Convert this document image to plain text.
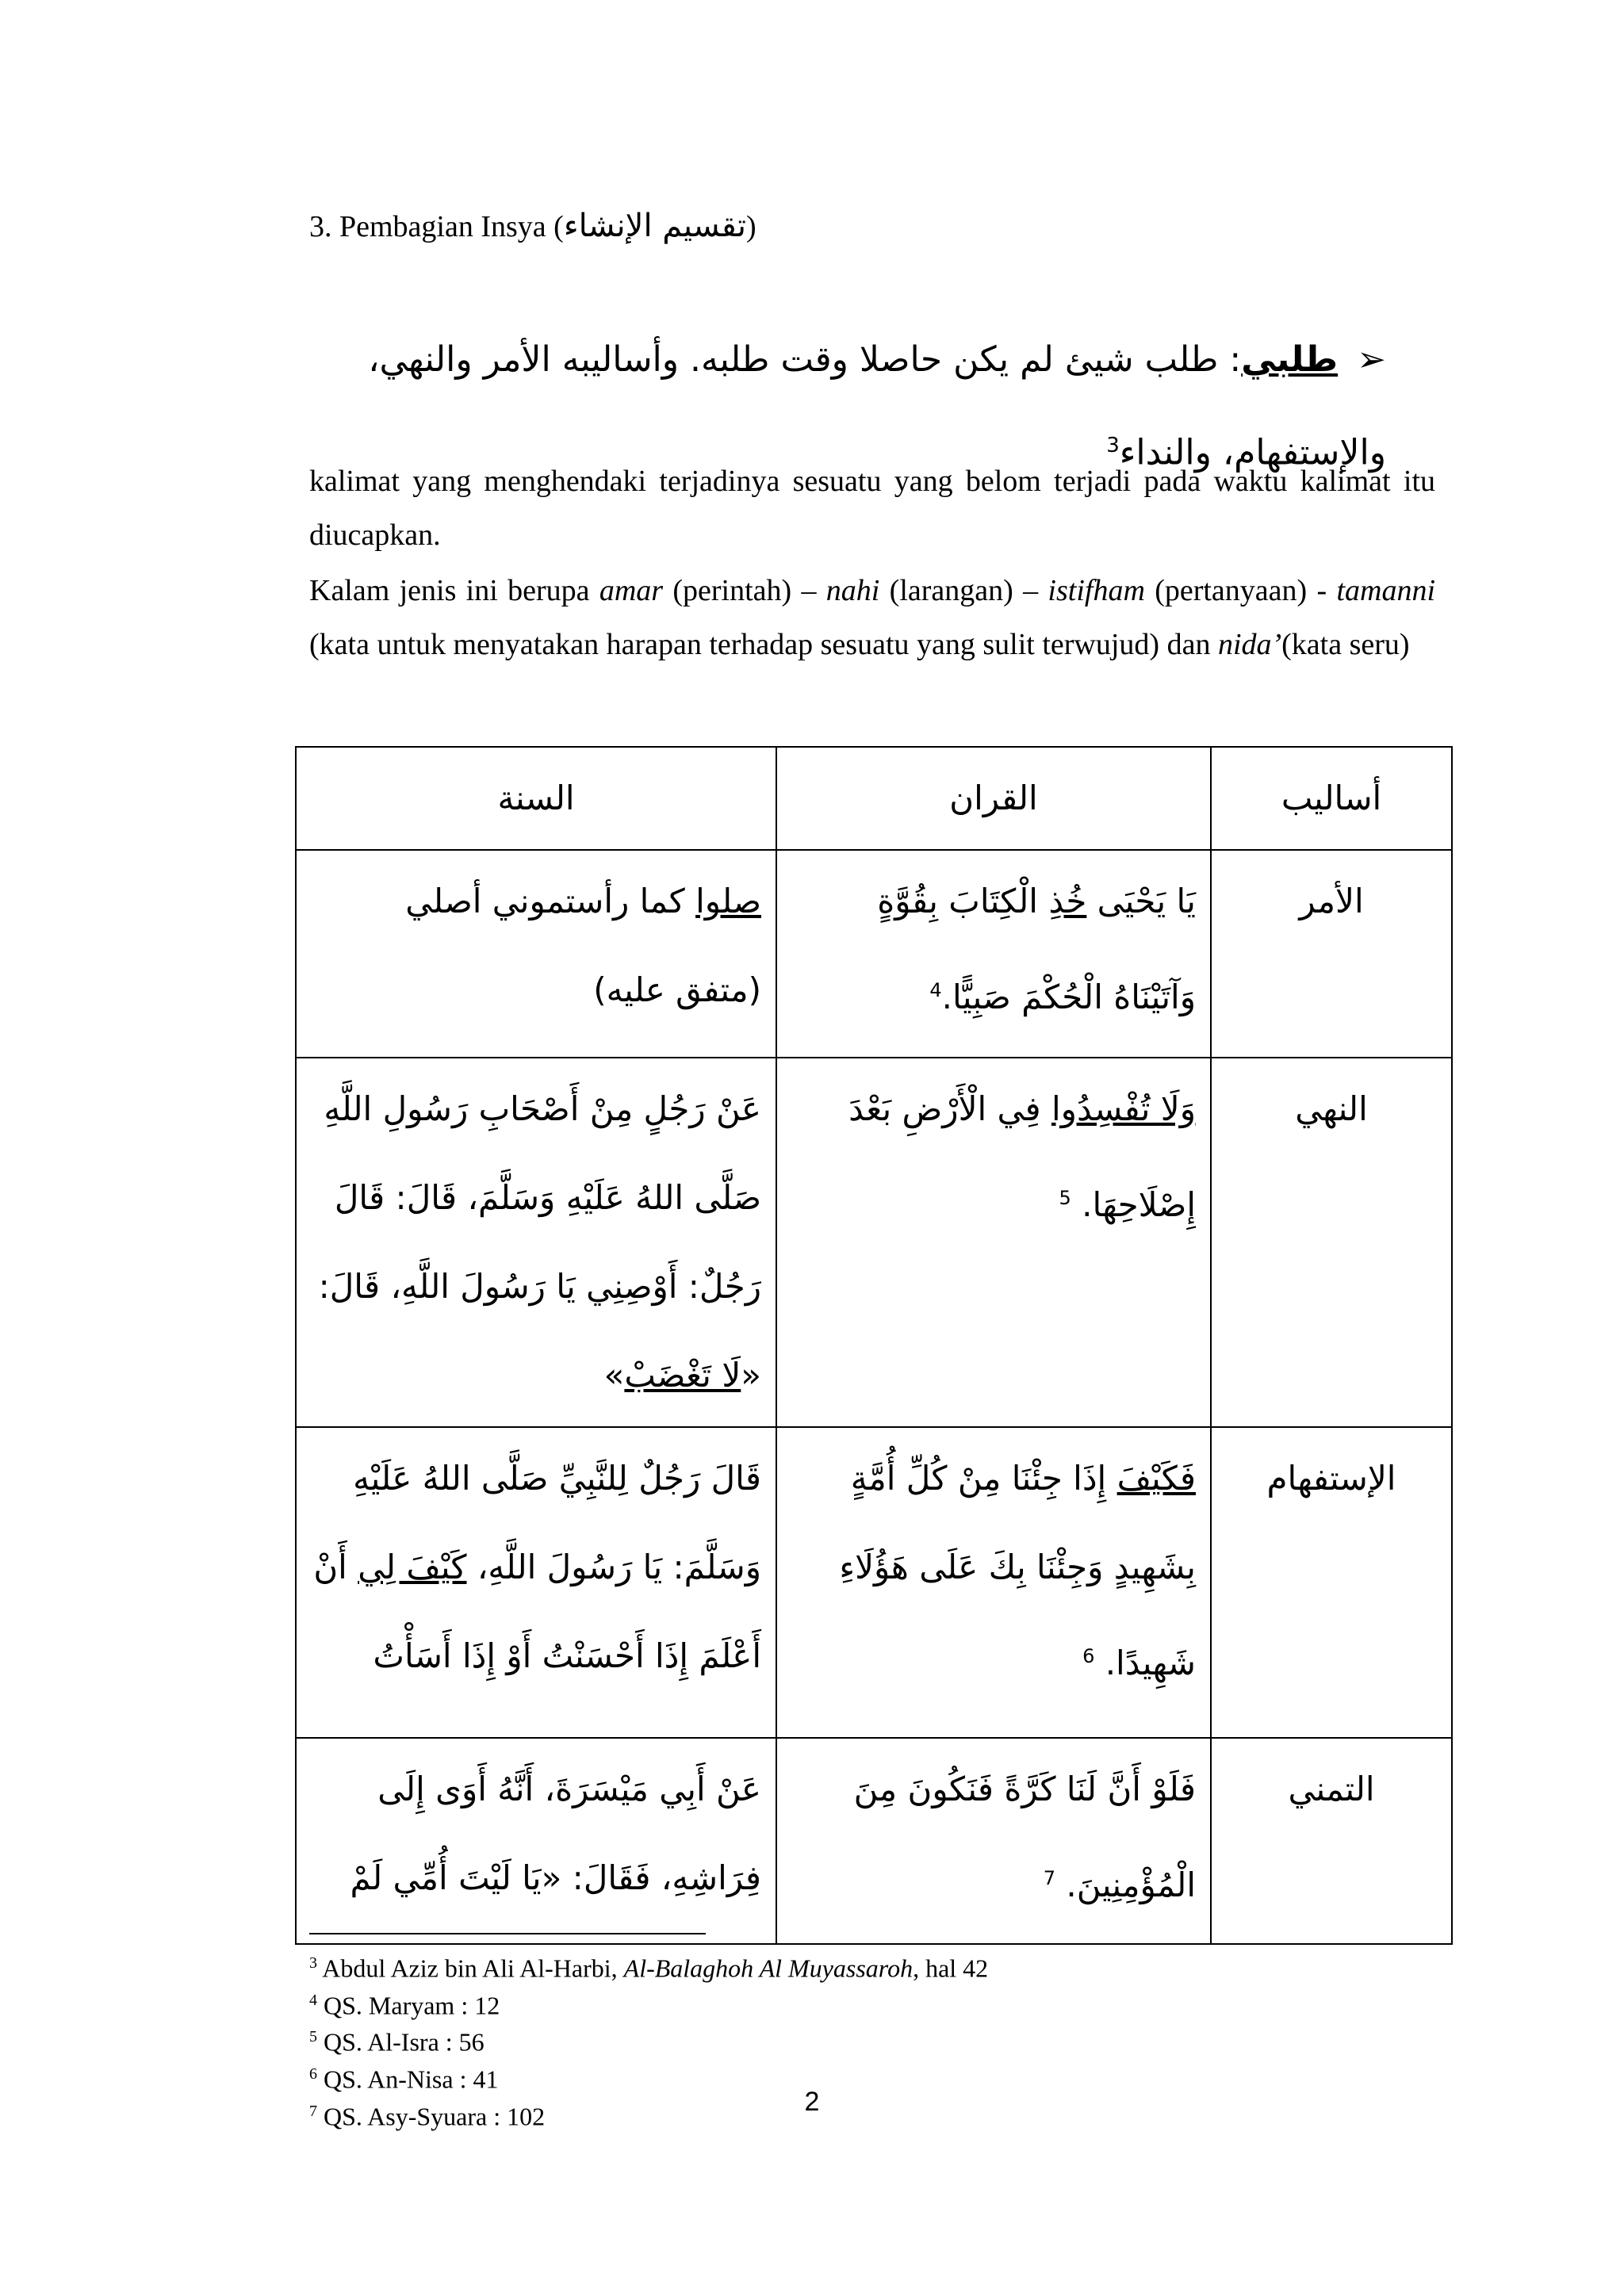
3. Pembagian Insya (تقسيم الإنشاء)
➢طلبي: طلب شيئ لم يكن حاصلا وقت طلبه. وأساليبه الأمر والنهي، والإستفهام، والنداء$^3$
kalimat yang menghendaki terjadinya sesuatu yang belom terjadi pada waktu kalimat itu diucapkan.
Kalam jenis ini berupa amar (perintah) – nahi (larangan) – istifham (pertanyaan) - tamanni (kata untuk menyatakan harapan terhadap sesuatu yang sulit terwujud) dan nida’(kata seru)
السنة	القران	أساليب
صلوا كما رأستموني أصلي (متفق عليه)	يَا يَحْيَى خُذِ الْكِتَابَ بِقُوَّةٍ وَآتَيْنَاهُ الْحُكْمَ صَبِيًّا.$^4$	الأمر
عَنْ رَجُلٍ مِنْ أَصْحَابِ رَسُولِ اللَّهِ صَلَّى اللهُ عَلَيْهِ وَسَلَّمَ، قَالَ: قَالَ رَجُلٌ: أَوْصِنِي يَا رَسُولَ اللَّهِ، قَالَ: «لَا تَغْضَبْ»	وَلَا تُفْسِدُوا فِي الْأَرْضِ بَعْدَ إِصْلَاحِهَا. $^5$	النهي
قَالَ رَجُلٌ لِلنَّبِيِّ صَلَّى اللهُ عَلَيْهِ وَسَلَّمَ: يَا رَسُولَ اللَّهِ، كَيْفَ لِي أَنْ أَعْلَمَ إِذَا أَحْسَنْتُ أَوْ إِذَا أَسَأْتُ	فَكَيْفَ إِذَا جِئْنَا مِنْ كُلِّ أُمَّةٍ بِشَهِيدٍ وَجِئْنَا بِكَ عَلَى هَؤُلَاءِ شَهِيدًا. $^6$	الإستفهام
عَنْ أَبِي مَيْسَرَةَ، أَنَّهُ أَوَى إِلَى فِرَاشِهِ، فَقَالَ: «يَا لَيْتَ أُمِّي لَمْ	فَلَوْ أَنَّ لَنَا كَرَّةً فَنَكُونَ مِنَ الْمُؤْمِنِينَ. $^7$	التمني
$^3$ Abdul Aziz bin Ali Al-Harbi, Al-Balaghoh Al Muyassaroh, hal 42
$^4$ QS. Maryam : 12
$^5$ QS. Al-Isra : 56
$^6$ QS. An-Nisa : 41
$^7$ QS. Asy-Syuara : 102	2
